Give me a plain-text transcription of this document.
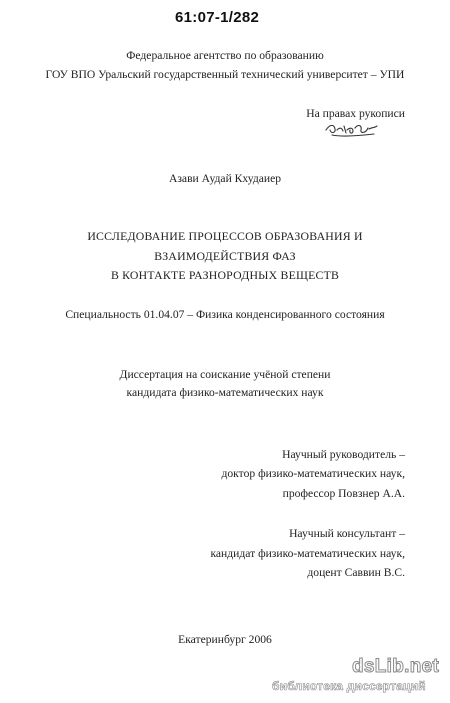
61:07-1/282
Федеральное агентство по образованию
ГОУ ВПО Уральский государственный технический университет – УПИ
На правах рукописи
Азави Аудай Кхудаиер
ИССЛЕДОВАНИЕ ПРОЦЕССОВ ОБРАЗОВАНИЯ И
ВЗАИМОДЕЙСТВИЯ ФАЗ
В КОНТАКТЕ РАЗНОРОДНЫХ ВЕЩЕСТВ
Специальность 01.04.07 – Физика конденсированного состояния
Диссертация на соискание учёной степени
кандидата физико-математических наук
Научный руководитель –
доктор физико-математических наук,
профессор Повзнер А.А.
Научный консультант –
кандидат физико-математических наук,
доцент Саввин В.С.
Екатеринбург 2006
dsLib.net
библиотека диссертаций
